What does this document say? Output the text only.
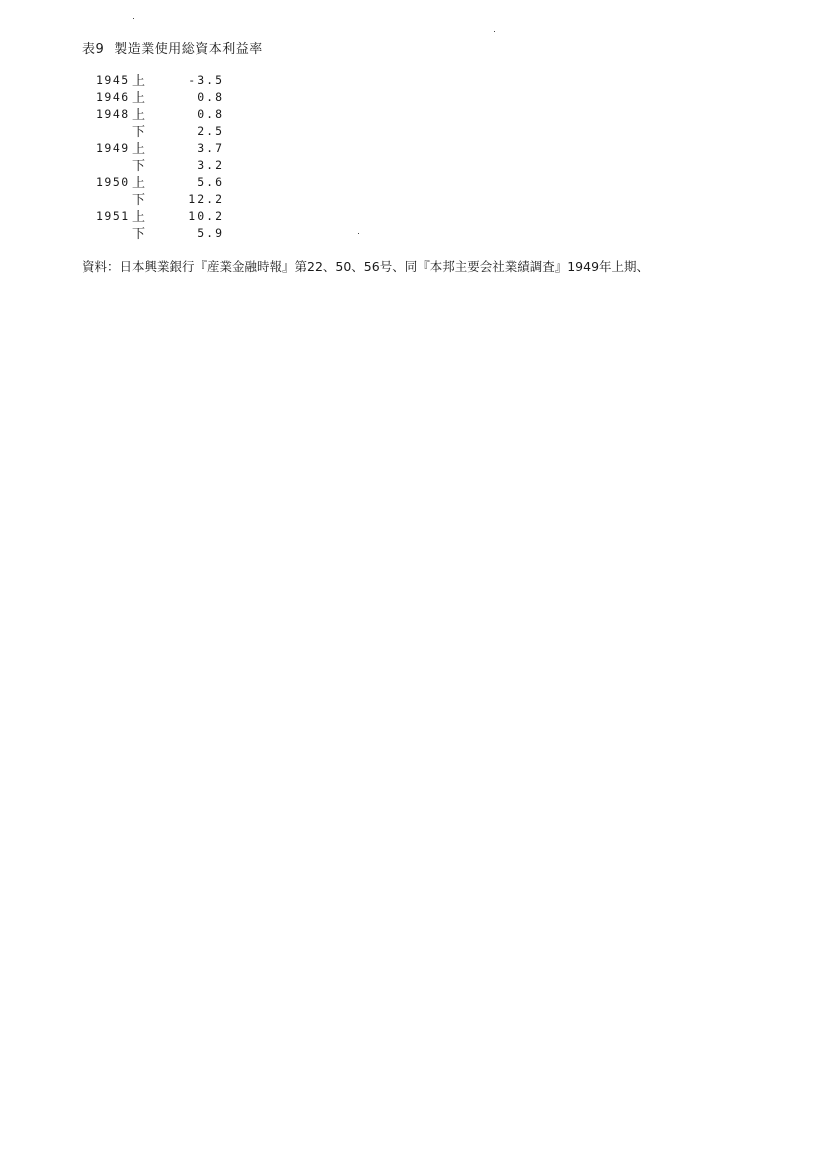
表9 製造業使用総資本利益率
1945 上	-3.5
1946 上	0.8
1948 上	0.8
下	2.5
1949 上	3.7
下	3.2
1950 上	5.6
下	12.2
1951 上	10.2
下	5.9
資料：日本興業銀行『産業金融時報』第22、50、56号、同『本邦主要会社業績調査』1949年上期、
